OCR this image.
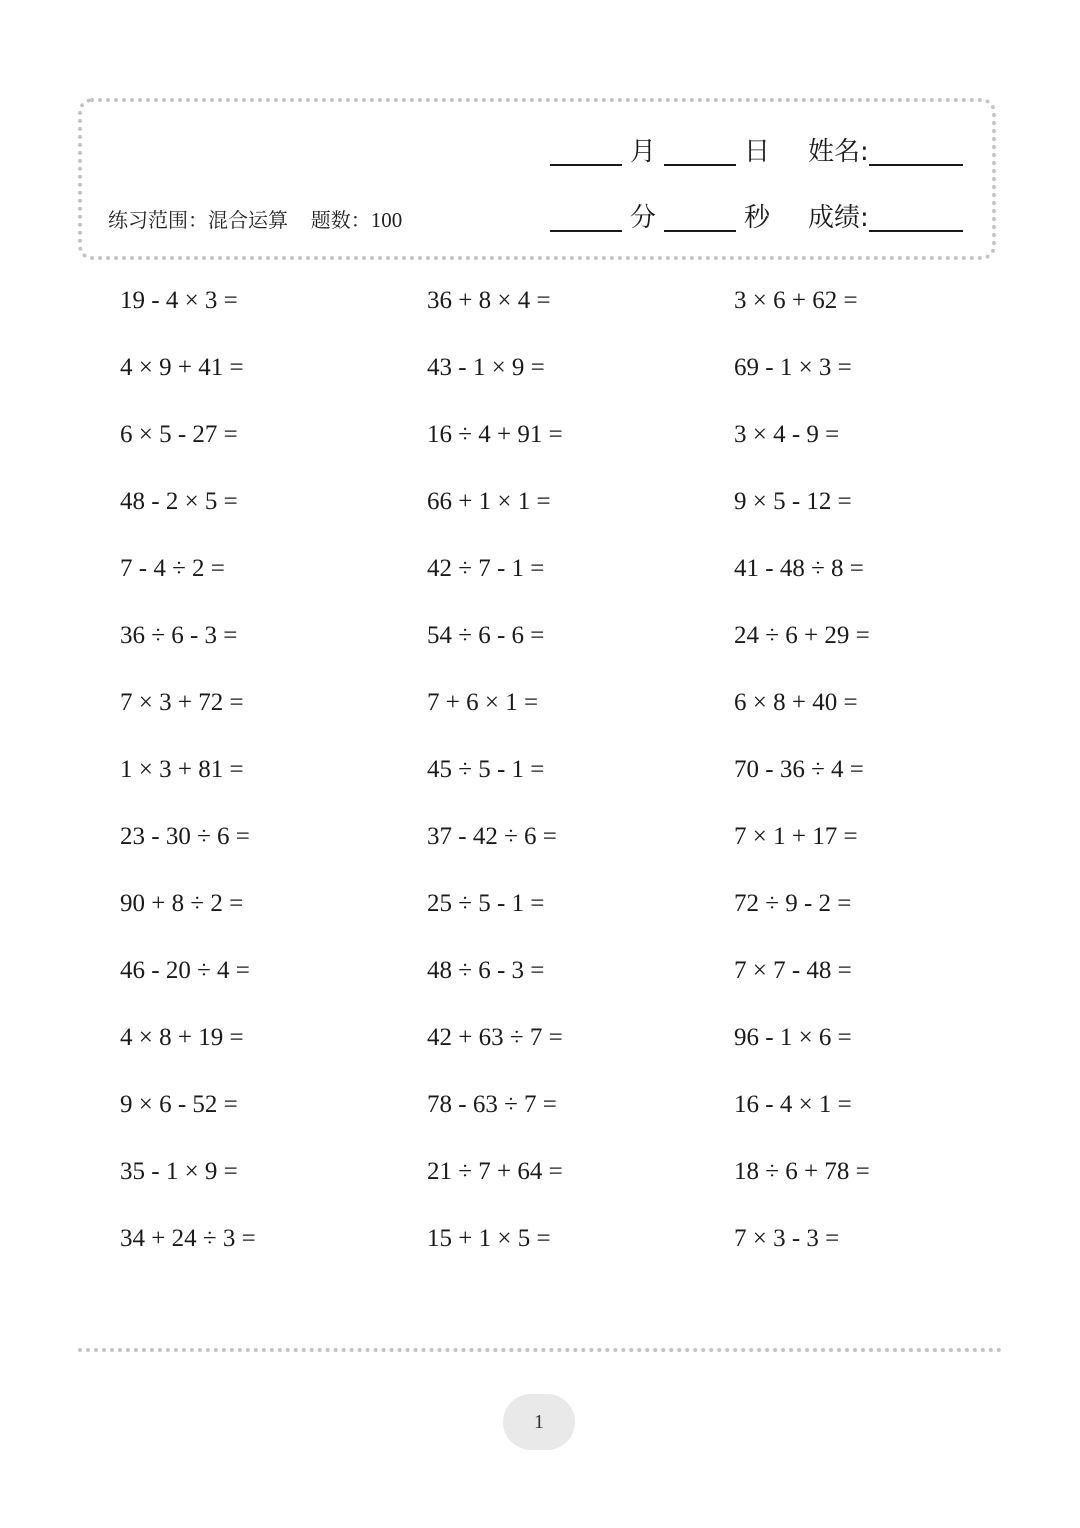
练习范围：混合运算 题数：100
月	日 姓名:
分	秒 成绩:
19 - 4 × 3 =	36 + 8 × 4 =	3 × 6 + 62 =
4 × 9 + 41 =	43 - 1 × 9 =	69 - 1 × 3 =
6 × 5 - 27 =	16 ÷ 4 + 91 =	3 × 4 - 9 =
48 - 2 × 5 =	66 + 1 × 1 =	9 × 5 - 12 =
7 - 4 ÷ 2 =	42 ÷ 7 - 1 =	41 - 48 ÷ 8 =
36 ÷ 6 - 3 =	54 ÷ 6 - 6 =	24 ÷ 6 + 29 =
7 × 3 + 72 =	7 + 6 × 1 =	6 × 8 + 40 =
1 × 3 + 81 =	45 ÷ 5 - 1 =	70 - 36 ÷ 4 =
23 - 30 ÷ 6 =	37 - 42 ÷ 6 =	7 × 1 + 17 =
90 + 8 ÷ 2 =	25 ÷ 5 - 1 =	72 ÷ 9 - 2 =
46 - 20 ÷ 4 =	48 ÷ 6 - 3 =	7 × 7 - 48 =
4 × 8 + 19 =	42 + 63 ÷ 7 =	96 - 1 × 6 =
9 × 6 - 52 =	78 - 63 ÷ 7 =	16 - 4 × 1 =
35 - 1 × 9 =	21 ÷ 7 + 64 =	18 ÷ 6 + 78 =
34 + 24 ÷ 3 =	15 + 1 × 5 =	7 × 3 - 3 =
1
